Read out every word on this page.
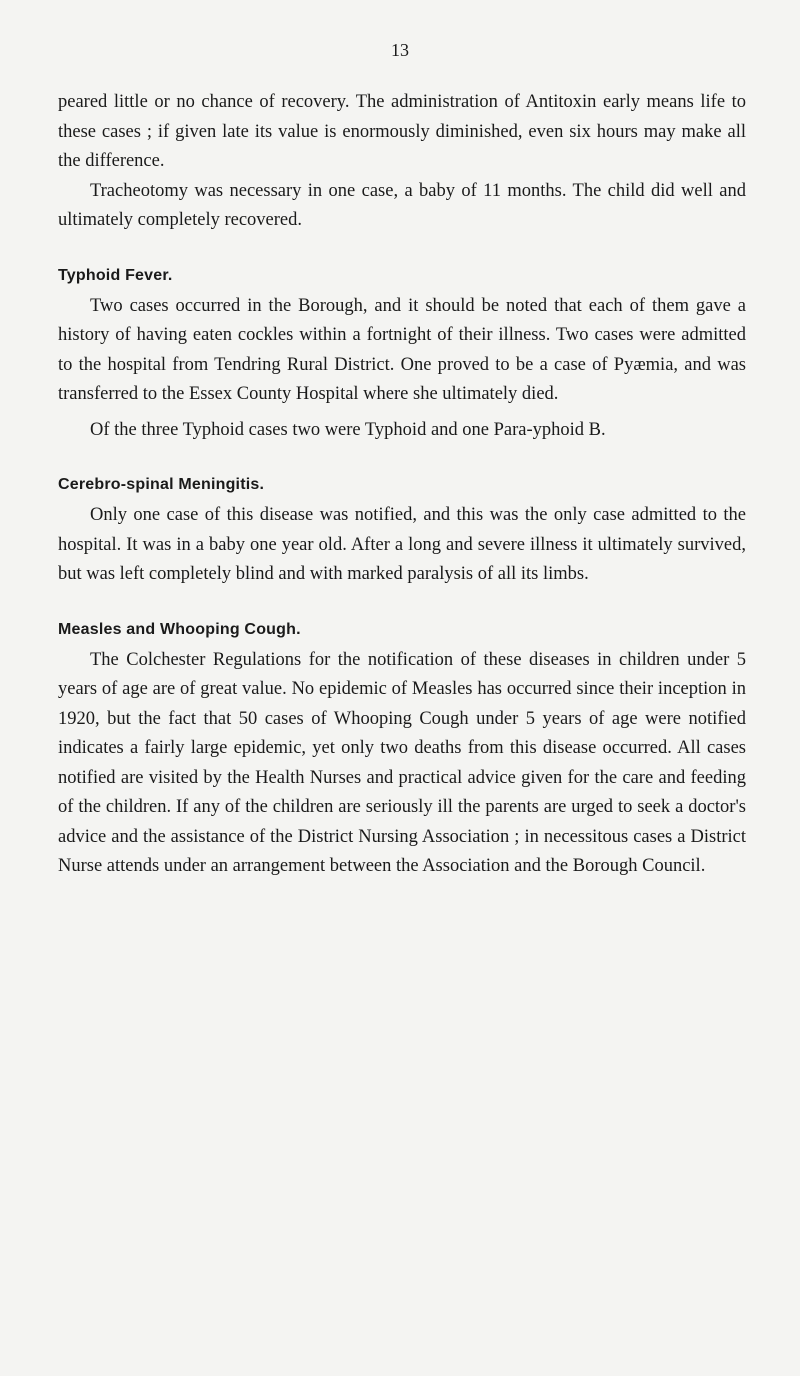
13

peared little or no chance of recovery. The administration of Antitoxin early means life to these cases ; if given late its value is enormously diminished, even six hours may make all the difference.

Tracheotomy was necessary in one case, a baby of 11 months. The child did well and ultimately completely recovered.

Typhoid Fever.

Two cases occurred in the Borough, and it should be noted that each of them gave a history of having eaten cockles within a fortnight of their illness. Two cases were admitted to the hospital from Tendring Rural District. One proved to be a case of Pyæmia, and was transferred to the Essex County Hospital where she ultimately died.

Of the three Typhoid cases two were Typhoid and one Para-yphoid B.

Cerebro-spinal Meningitis.

Only one case of this disease was notified, and this was the only case admitted to the hospital. It was in a baby one year old. After a long and severe illness it ultimately survived, but was left completely blind and with marked paralysis of all its limbs.

Measles and Whooping Cough.

The Colchester Regulations for the notification of these diseases in children under 5 years of age are of great value. No epidemic of Measles has occurred since their inception in 1920, but the fact that 50 cases of Whooping Cough under 5 years of age were notified indicates a fairly large epidemic, yet only two deaths from this disease occurred. All cases notified are visited by the Health Nurses and practical advice given for the care and feeding of the children. If any of the children are seriously ill the parents are urged to seek a doctor's advice and the assistance of the District Nursing Association ; in necessitous cases a District Nurse attends under an arrangement between the Association and the Borough Council.
